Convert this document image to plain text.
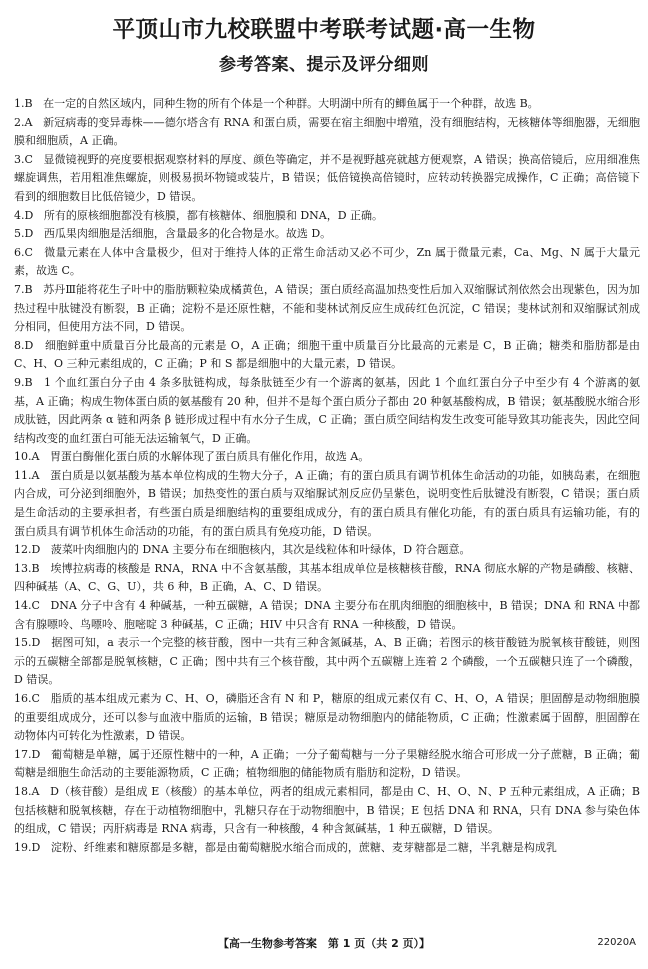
平顶山市九校联盟中考联考试题·高一生物
参考答案、提示及评分细则

1.B 在一定的自然区域内，同种生物的所有个体是一个种群。大明湖中所有的鲫鱼属于一个种群，故选 B。

2.A 新冠病毒的变异毒株——德尔塔含有 RNA 和蛋白质，需要在宿主细胞中增殖，没有细胞结构，无核糖体等细胞器，无细胞膜和细胞质，A 正确。

3.C 显微镜视野的亮度要根据观察材料的厚度、颜色等确定，并不是视野越亮就越方便观察，A 错误；换高倍镜后，应用细准焦螺旋调焦，若用粗准焦螺旋，则极易损坏物镜或装片，B 错误；低倍镜换高倍镜时，应转动转换器完成操作，C 正确；高倍镜下看到的细胞数目比低倍镜少，D 错误。

4.D 所有的原核细胞都没有核膜，都有核糖体、细胞膜和 DNA，D 正确。

5.D 西瓜果肉细胞是活细胞，含量最多的化合物是水。故选 D。

6.C 微量元素在人体中含量极少，但对于维持人体的正常生命活动又必不可少，Zn 属于微量元素，Ca、Mg、N 属于大量元素，故选 C。

7.B 苏丹Ⅲ能将花生子叶中的脂肪颗粒染成橘黄色，A 错误；蛋白质经高温加热变性后加入双缩脲试剂依然会出现紫色，因为加热过程中肽键没有断裂，B 正确；淀粉不是还原性糖，不能和斐林试剂反应生成砖红色沉淀，C 错误；斐林试剂和双缩脲试剂成分相同，但使用方法不同，D 错误。

8.D 细胞鲜重中质量百分比最高的元素是 O，A 正确；细胞干重中质量百分比最高的元素是 C，B 正确；糖类和脂肪都是由 C、H、O 三种元素组成的，C 正确；P 和 S 都是细胞中的大量元素，D 错误。

9.B 1 个血红蛋白分子由 4 条多肽链构成，每条肽链至少有一个游离的氨基，因此 1 个血红蛋白分子中至少有 4 个游离的氨基，A 正确；构成生物体蛋白质的氨基酸有 20 种，但并不是每个蛋白质分子都由 20 种氨基酸构成，B 错误；氨基酸脱水缩合形成肽链，因此两条 α 链和两条 β 链形成过程中有水分子生成，C 正确；蛋白质空间结构发生改变可能导致其功能丧失，因此空间结构改变的血红蛋白可能无法运输氧气，D 正确。

10.A 胃蛋白酶催化蛋白质的水解体现了蛋白质具有催化作用，故选 A。

11.A 蛋白质是以氨基酸为基本单位构成的生物大分子，A 正确；有的蛋白质具有调节机体生命活动的功能，如胰岛素，在细胞内合成，可分泌到细胞外，B 错误；加热变性的蛋白质与双缩脲试剂反应仍呈紫色，说明变性后肽键没有断裂，C 错误；蛋白质是生命活动的主要承担者，有些蛋白质是细胞结构的重要组成成分，有的蛋白质具有催化功能，有的蛋白质具有运输功能，有的蛋白质具有调节机体生命活动的功能，有的蛋白质具有免疫功能，D 错误。

12.D 菠菜叶肉细胞内的 DNA 主要分布在细胞核内，其次是线粒体和叶绿体，D 符合题意。

13.B 埃博拉病毒的核酸是 RNA，RNA 中不含氨基酸，其基本组成单位是核糖核苷酸，RNA 彻底水解的产物是磷酸、核糖、四种碱基（A、C、G、U），共 6 种，B 正确，A、C、D 错误。

14.C DNA 分子中含有 4 种碱基，一种五碳糖，A 错误；DNA 主要分布在肌肉细胞的细胞核中，B 错误；DNA 和 RNA 中都含有腺嘌呤、鸟嘌呤、胞嘧啶 3 种碱基，C 正确；HIV 中只含有 RNA 一种核酸，D 错误。

15.D 据图可知，a 表示一个完整的核苷酸，图中一共有三种含氮碱基，A、B 正确；若图示的核苷酸链为脱氧核苷酸链，则图示的五碳糖全部都是脱氧核糖，C 正确；图中共有三个核苷酸，其中两个五碳糖上连着 2 个磷酸，一个五碳糖只连了一个磷酸，D 错误。

16.C 脂质的基本组成元素为 C、H、O，磷脂还含有 N 和 P，糖原的组成元素仅有 C、H、O，A 错误；胆固醇是动物细胞膜的重要组成成分，还可以参与血液中脂质的运输，B 错误；糖原是动物细胞内的储能物质，C 正确；性激素属于固醇，胆固醇在动物体内可转化为性激素，D 错误。

17.D 葡萄糖是单糖，属于还原性糖中的一种，A 正确；一分子葡萄糖与一分子果糖经脱水缩合可形成一分子蔗糖，B 正确；葡萄糖是细胞生命活动的主要能源物质，C 正确；植物细胞的储能物质有脂肪和淀粉，D 错误。

18.A D（核苷酸）是组成 E（核酸）的基本单位，两者的组成元素相同，都是由 C、H、O、N、P 五种元素组成，A 正确；B 包括核糖和脱氧核糖，存在于动植物细胞中，乳糖只存在于动物细胞中，B 错误；E 包括 DNA 和 RNA，只有 DNA 参与染色体的组成，C 错误；丙肝病毒是 RNA 病毒，只含有一种核酸，4 种含氮碱基，1 种五碳糖，D 错误。

19.D 淀粉、纤维素和糖原都是多糖，都是由葡萄糖脱水缩合而成的，蔗糖、麦芽糖都是二糖，半乳糖是构成乳

【高一生物参考答案　第 1 页（共 2 页）】	22020A
